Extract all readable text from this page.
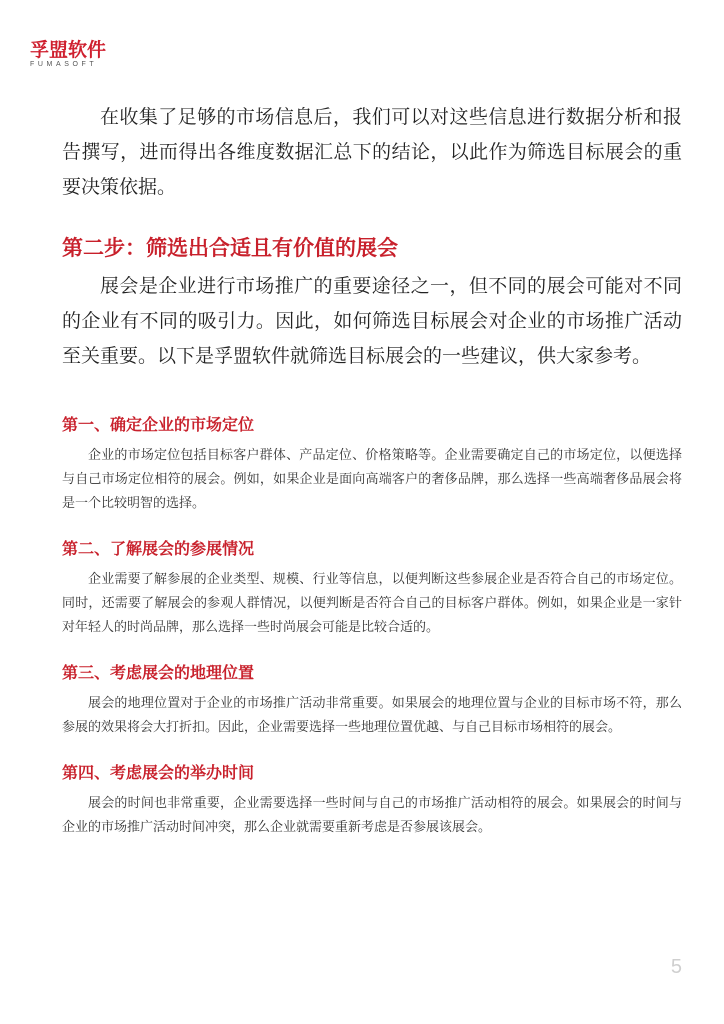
孚盟软件
FUMASOFT

在收集了足够的市场信息后，我们可以对这些信息进行数据分析和报告撰写，进而得出各维度数据汇总下的结论，以此作为筛选目标展会的重要决策依据。

第二步：筛选出合适且有价值的展会

展会是企业进行市场推广的重要途径之一，但不同的展会可能对不同的企业有不同的吸引力。因此，如何筛选目标展会对企业的市场推广活动至关重要。以下是孚盟软件就筛选目标展会的一些建议，供大家参考。

第一、确定企业的市场定位

企业的市场定位包括目标客户群体、产品定位、价格策略等。企业需要确定自己的市场定位，以便选择与自己市场定位相符的展会。例如，如果企业是面向高端客户的奢侈品牌，那么选择一些高端奢侈品展会将是一个比较明智的选择。

第二、了解展会的参展情况

企业需要了解参展的企业类型、规模、行业等信息，以便判断这些参展企业是否符合自己的市场定位。同时，还需要了解展会的参观人群情况，以便判断是否符合自己的目标客户群体。例如，如果企业是一家针对年轻人的时尚品牌，那么选择一些时尚展会可能是比较合适的。

第三、考虑展会的地理位置

展会的地理位置对于企业的市场推广活动非常重要。如果展会的地理位置与企业的目标市场不符，那么参展的效果将会大打折扣。因此，企业需要选择一些地理位置优越、与自己目标市场相符的展会。

第四、考虑展会的举办时间

展会的时间也非常重要，企业需要选择一些时间与自己的市场推广活动相符的展会。如果展会的时间与企业的市场推广活动时间冲突，那么企业就需要重新考虑是否参展该展会。

5
